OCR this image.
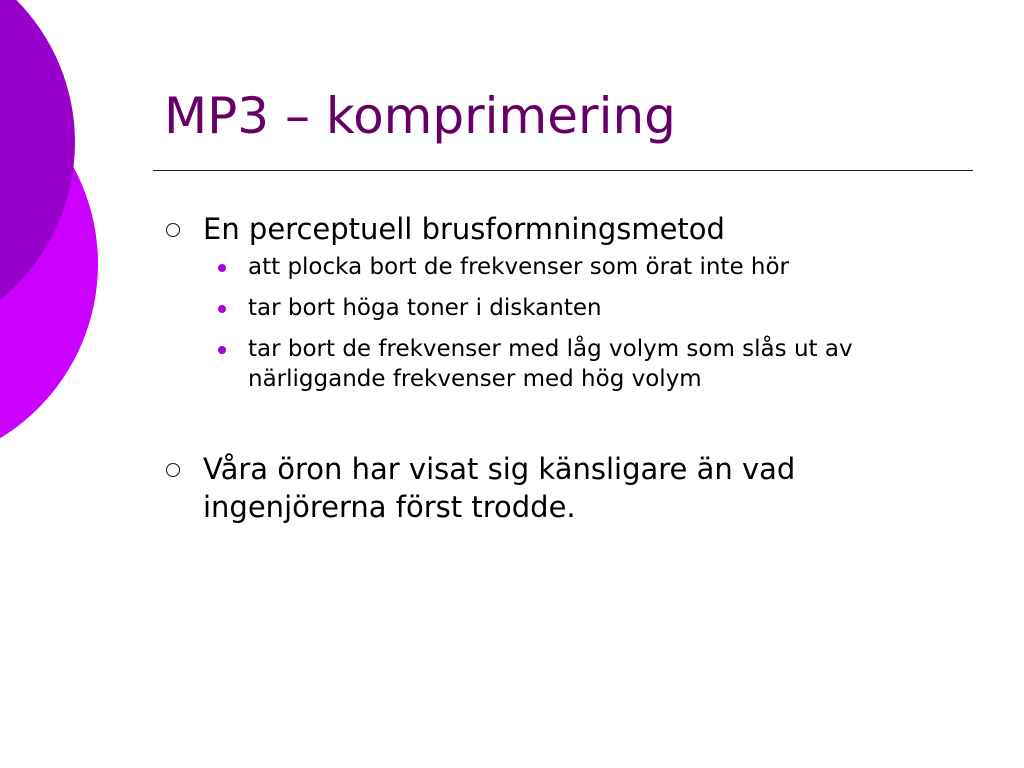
MP3 – komprimering
En perceptuell brusformningsmetod
att plocka bort de frekvenser som örat inte hör
tar bort höga toner i diskanten
tar bort de frekvenser med låg volym som slås ut av närliggande frekvenser med hög volym
Våra öron har visat sig känsligare än vad ingenjörerna först trodde.
